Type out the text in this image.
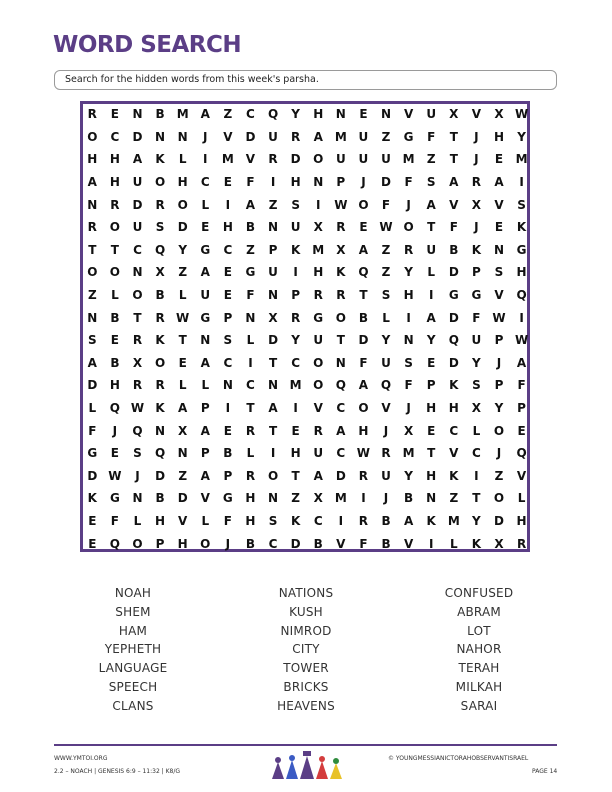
WORD SEARCH
Search for the hidden words from this week's parsha.
R	E	N	B	M A	Z	C	Q	Y	H	N	E	N	V	U	X	V	X W
O	C	D	N	N	J	V	D	U	R	A M U	Z	G	F	T	J	H	Y
H	H	A	K	L	I	M V	R	D	O	U	U	U M	Z	T	J	E	M
A	H	U	O	H	C	E	F	I	H	N	P	J	D	F	S	A	R	A	I
N	R	D	R	O	L	I	A	Z	S	I	W O	F	J	A	V	X	V	S
R	O	U	S	D	E	H	B	N	U	X	R	E W O	T	F	J	E	K
T	T	C	Q	Y	G	C	Z	P	K M X	A	Z	R	U	B	K	N	G
O	O	N	X	Z	A	E	G	U	I	H	K	Q	Z	Y	L	D	P	S	H
Z	L	O	B	L	U	E	F	N	P	R	R	T	S	H	I	G	G	V	Q
N	B	T	R W G	P	N	X	R	G	O	B	L	I	A	D	F W	I
S	E	R	K	T	N	S	L	D	Y	U	T	D	Y	N	Y	Q	U	P W
A	B	X	O	E	A	C	I	T	C	O	N	F	U	S	E	D	Y	J	A
D	H	R	R	L	L	N	C	N M O	Q	A	Q	F	P	K	S	P	F
L	Q W K	A	P	I	T	A	I	V	C	O	V	J	H	H	X	Y	P
F	J	Q	N	X	A	E	R	T	E	R	A	H	J	X	E	C	L	O	E
G	E	S	Q	N	P	B	L	I	H	U	C W R M	T	V	C	J	Q
D W	J	D	Z	A	P	R	O	T	A	D	R	U	Y	H	K	I	Z	V
K	G	N	B	D	V	G	H	N	Z	X M	I	J	B	N	Z	T	O	L
E	F	L	H	V	L	F	H	S	K	C	I	R	B	A	K M	Y	D	H
E	Q	O	P	H	O	J	B	C	D	B	V	F	B	V	I	L	K	X	R
NOAH
SHEM
HAM
YEPHETH
LANGUAGE
SPEECH
CLANS
NATIONS
KUSH
NIMROD
CITY
TOWER
BRICKS
HEAVENS
CONFUSED
ABRAM
LOT
NAHOR
TERAH
MILKAH
SARAI
WWW.YMTOI.ORG
2.2 – NOACH | GENESIS 6:9 – 11:32 | K8/G
© YOUNGMESSIANICTORAHOBSERVANTISRAEL
PAGE 14
